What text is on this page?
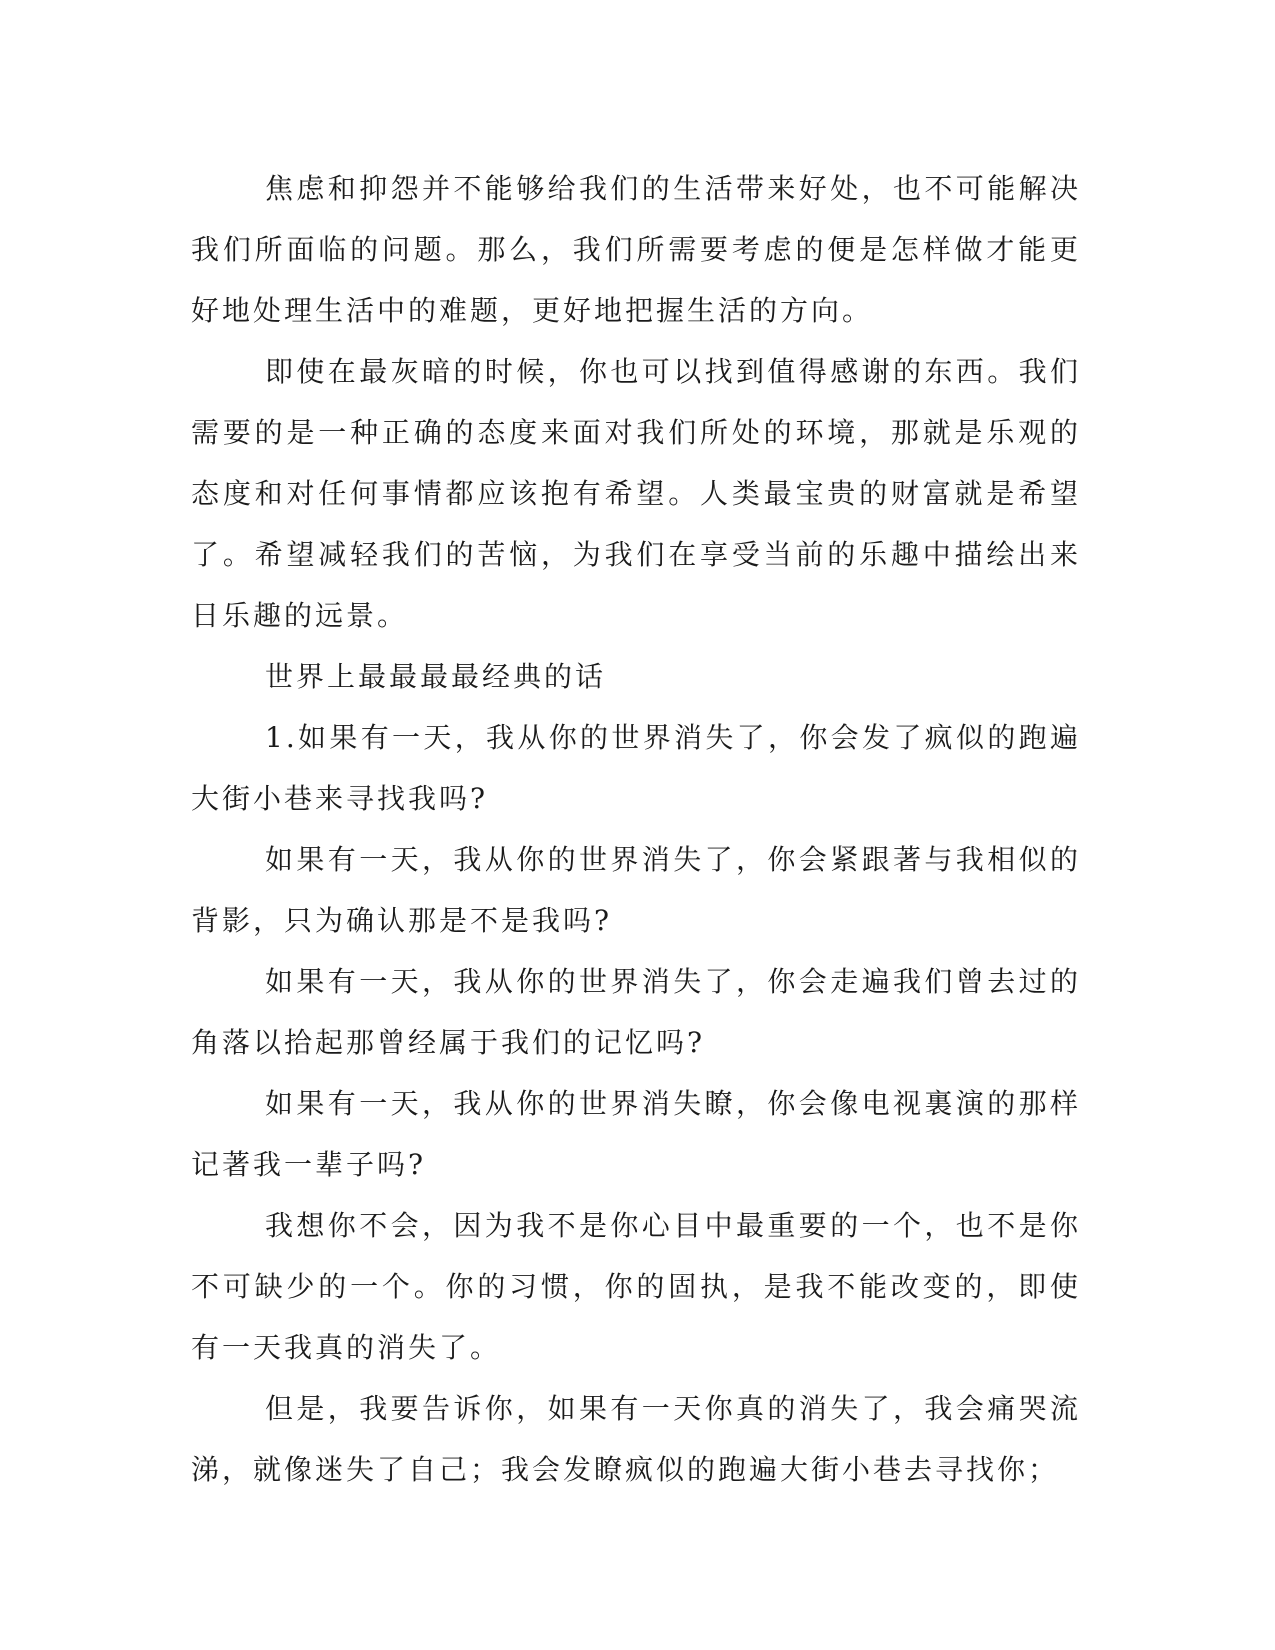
焦虑和抑怨并不能够给我们的生活带来好处，也不可能解决我们所面临的问题。那么，我们所需要考虑的便是怎样做才能更好地处理生活中的难题，更好地把握生活的方向。

即使在最灰暗的时候，你也可以找到值得感谢的东西。我们需要的是一种正确的态度来面对我们所处的环境，那就是乐观的态度和对任何事情都应该抱有希望。人类最宝贵的财富就是希望了。希望减轻我们的苦恼，为我们在享受当前的乐趣中描绘出来日乐趣的远景。

世界上最最最最经典的话

1.如果有一天，我从你的世界消失了，你会发了疯似的跑遍大街小巷来寻找我吗?

如果有一天，我从你的世界消失了，你会紧跟著与我相似的背影，只为确认那是不是我吗?

如果有一天，我从你的世界消失了，你会走遍我们曾去过的角落以拾起那曾经属于我们的记忆吗?

如果有一天，我从你的世界消失瞭，你会像电视裏演的那样记著我一辈子吗?

我想你不会，因为我不是你心目中最重要的一个，也不是你不可缺少的一个。你的习惯，你的固执，是我不能改变的，即使有一天我真的消失了。

但是，我要告诉你，如果有一天你真的消失了，我会痛哭流涕，就像迷失了自己；我会发瞭疯似的跑遍大街小巷去寻找你；
